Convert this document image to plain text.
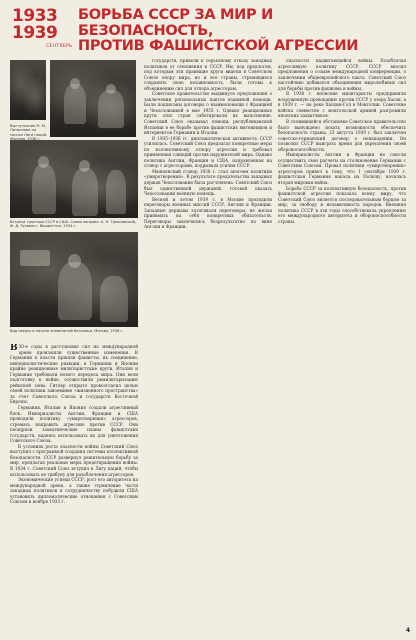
1933
1939
СЕНТЯБРЬ
БОРЬБА СССР ЗА МИР И БЕЗОПАСНОСТЬ,
ПРОТИВ ФАШИСТСКОЙ АГРЕССИИ
Выступление М. М. Литвинова на сессии Лиги наций.
Встреча трактора СССР в США. Слева направо: А. Н. Трояновский, Ф. Д. Рузвельт. Вашингтон, 1934 г.
Вид сверху в начало знаменитой ботаники. Москва, 1936 г.

В30-е годы в расстановке сил на международной арене произошли существенные изменения. В Германии к власти пришли фашисты, их соединение, империалистические реакции, в Германии и Японии крайне реакционные милитаристские круги. Италия и Германия требовали нового передела мира. Они вели подготовку к войне, осуществили ремилитаризацию рейнской зоны. Гитлер открыто провозгласил целью своей политики завоевание «жизненного пространства» за счет Советского Союза и государств Восточной Европы.

Германия, Италия и Япония создали агрессивный блок. Империалисты Англии, Франции и США проводили политику «умиротворения» агрессоров, стремясь направить агрессию против СССР. Они поощряли захватнические планы фашистских государств, надеясь использовать их для уничтожения Советского Союза.

В условиях роста опасности войны Советский Союз выступил с программой создания системы коллективной безопасности. СССР развернул решительную борьбу за мир, предлагая реальные меры предотвращения войны. В 1934 г. Советский Союз вступил в Лигу наций, чтобы использовать ее трибуну для разоблачения агрессоров.

Экономические успехи СССР, рост его авторитета на международной арене, а также стремление части западных политиков к сотрудничеству побудили США установить дипломатические отношения с Советским Союзом в ноябре 1933 г.

государств, привели к серьезному отказу западных политиков от отношения к СССР. Им, под предлогом, под которым эти правящие круги видели в Советском Союзе опору мира, но и все страны, стремящиеся сохранить свою независимость, были готовы к объединению сил для отпора агрессорам.

Советское правительство выдвинуло предложения о заключении региональных пактов взаимной помощи. Были подписаны договоры о взаимопомощи с Францией и Чехословакией в мае 1935 г. Однако реакционные круги этих стран саботировали их выполнение. Советский Союз оказывал помощь республиканской Испании в ее борьбе против фашистских мятежников и интервентов Германии и Италии.

В 1935–1936 гг. дипломатическая активность СССР усилилась. Советский Союз предлагал конкретные меры по коллективному отпору агрессии и требовал применения санкций против нарушителей мира. Однако политика Англии, Франции и США, направленная на сговор с агрессорами, подрывала усилия СССР.

Мюнхенский сговор 1938 г. стал апогеем политики «умиротворения». В результате предательства западных держав Чехословакия была расчленена. Советский Союз был единственной державой, готовой оказать Чехословакии военную помощь.

Весной и летом 1939 г. в Москве проходили переговоры военных миссий СССР, Англии и Франции. Западные державы затягивали переговоры, не желая принимать на себя конкретных обязательств. Переговоры закончились безрезультатно по вине Англии и Франции.

опасности надвигающейся войны. Разоблачая агрессивную политику СССР, СССР вносил предложения о созыве международной конференции, о заключении общеевропейского пакта. Советский Союз настойчиво добивался объединения миролюбивых сил для борьбы против фашизма и войны.

В 1938 г. японские милитаристы предприняли вооруженную провокацию против СССР у озера Хасан, а в 1939 г. — на реке Халхин-Гол в Монголии. Советские войска совместно с монгольской армией разгромили японских захватчиков.

В сложившейся обстановке Советское правительство было вынуждено искать возможности обеспечить безопасность страны. 23 августа 1939 г. был заключен советско-германский договор о ненападении. Он позволил СССР выиграть время для укрепления своей обороноспособности.

Империалисты Англии и Франции не смогли осуществить свои расчеты на столкновение Германии с Советским Союзом. Провал политики «умиротворения» агрессоров привел к тому, что 1 сентября 1939 г. фашистская Германия напала на Польшу, началась вторая мировая война.

Борьба СССР за коллективную безопасность, против фашистской агрессии показала всему миру, что Советский Союз является последовательным борцом за мир, за свободу и независимость народов. Внешняя политика СССР в эти годы способствовала укреплению его международного авторитета и обороноспособности страны.

4
